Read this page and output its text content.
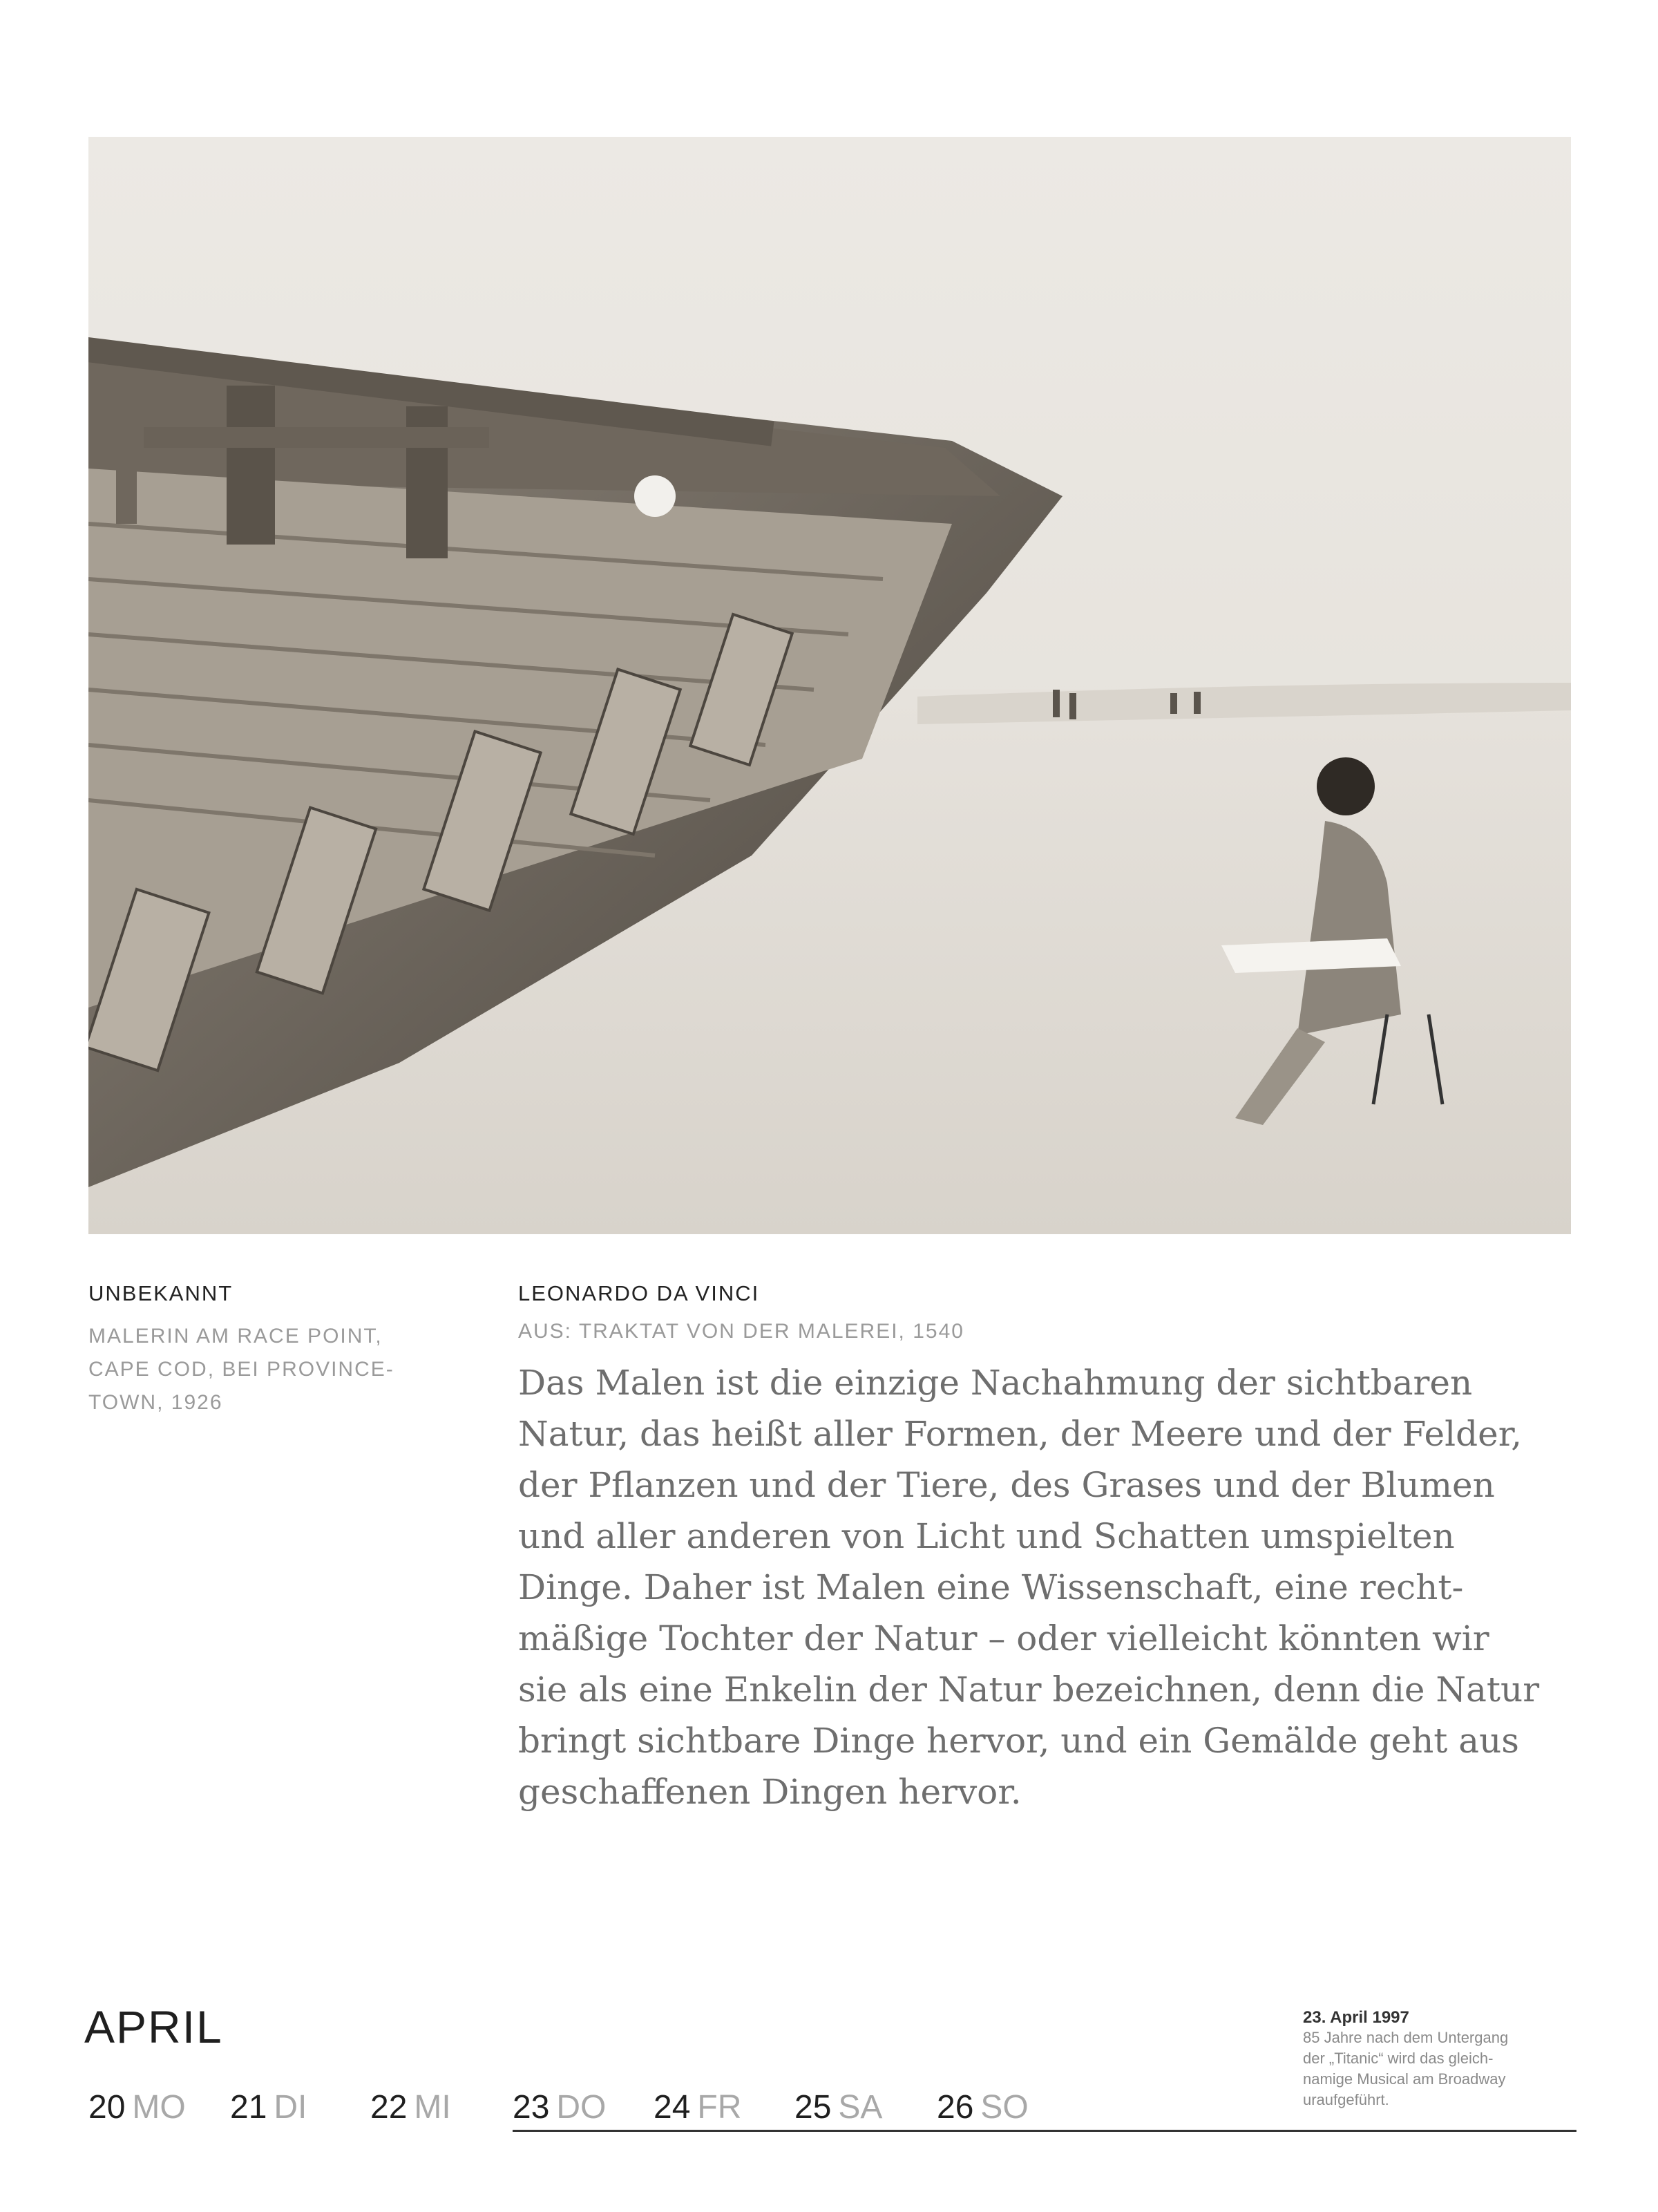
UNBEKANNT
MALERIN AM RACE POINT,
CAPE COD, BEI PROVINCE-
TOWN, 1926
LEONARDO DA VINCI
AUS: TRAKTAT VON DER MALEREI, 1540
Das Malen ist die einzige Nachahmung der sichtbaren
Natur, das heißt aller Formen, der Meere und der Felder,
der Pflanzen und der Tiere, des Grases und der Blumen
und aller anderen von Licht und Schatten umspielten
Dinge. Daher ist Malen eine Wissenschaft, eine recht-
mäßige Tochter der Natur – oder vielleicht könnten wir
sie als eine Enkelin der Natur bezeichnen, denn die Natur
bringt sichtbare Dinge hervor, und ein Gemälde geht aus
geschaffenen Dingen hervor.
APRIL
20 MO 21 DI 22 MI 23 DO 24 FR 25 SA 26 SO
23. April 1997
85 Jahre nach dem Untergang
der „Titanic“ wird das gleich-
namige Musical am Broadway
uraufgeführt.
